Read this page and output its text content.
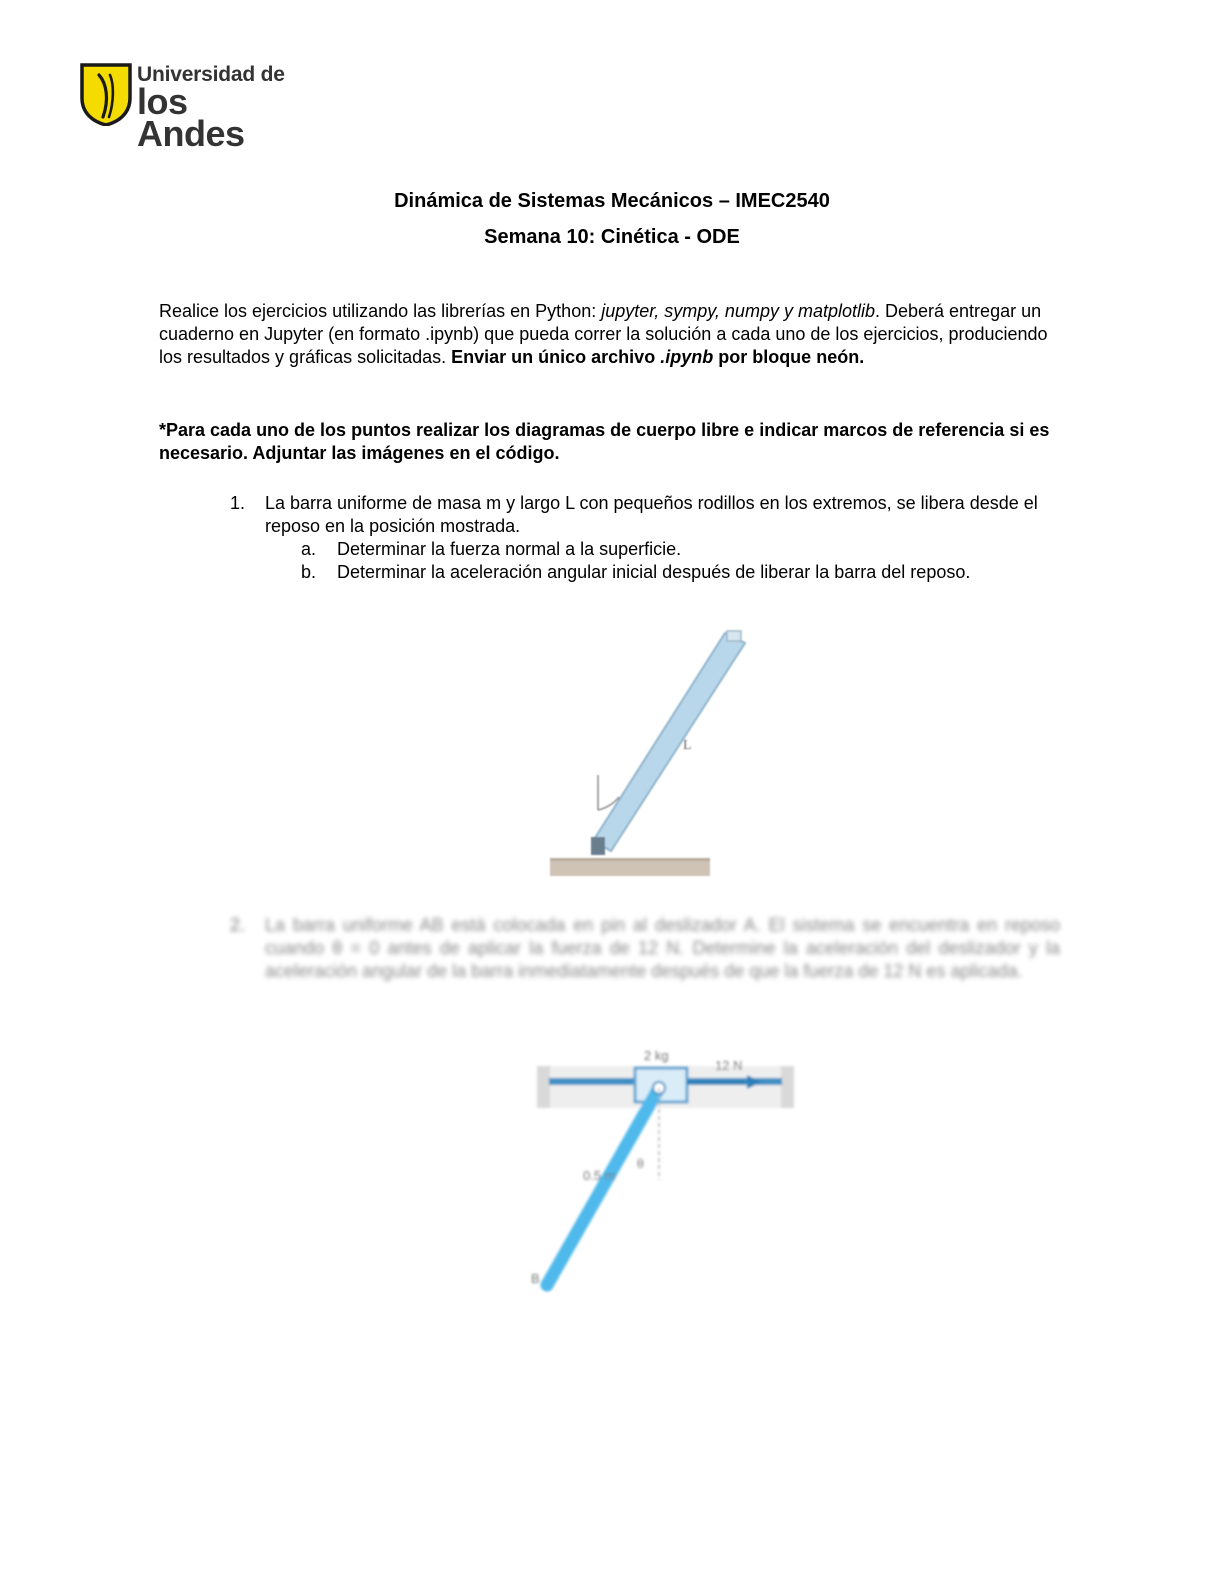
Universidad de
los Andes
Dinámica de Sistemas Mecánicos – IMEC2540
Semana 10: Cinética - ODE
Realice los ejercicios utilizando las librerías en Python: jupyter, sympy, numpy y matplotlib. Deberá entregar un cuaderno en Jupyter (en formato .ipynb) que pueda correr la solución a cada uno de los ejercicios, produciendo los resultados y gráficas solicitadas. Enviar un único archivo .ipynb por bloque neón.
*Para cada uno de los puntos realizar los diagramas de cuerpo libre e indicar marcos de referencia si es necesario. Adjuntar las imágenes en el código.
1. La barra uniforme de masa m y largo L con pequeños rodillos en los extremos, se libera desde el reposo en la posición mostrada.
a. Determinar la fuerza normal a la superficie.
b. Determinar la aceleración angular inicial después de liberar la barra del reposo.
L
2. La barra uniforme AB está colocada en pin al deslizador A. El sistema se encuentra en reposo cuando θ = 0 antes de aplicar la fuerza de 12 N. Determine la aceleración del deslizador y la aceleración angular de la barra inmediatamente después de que la fuerza de 12 N es aplicada.
2 kg
12 N
θ
0.5 m
B
